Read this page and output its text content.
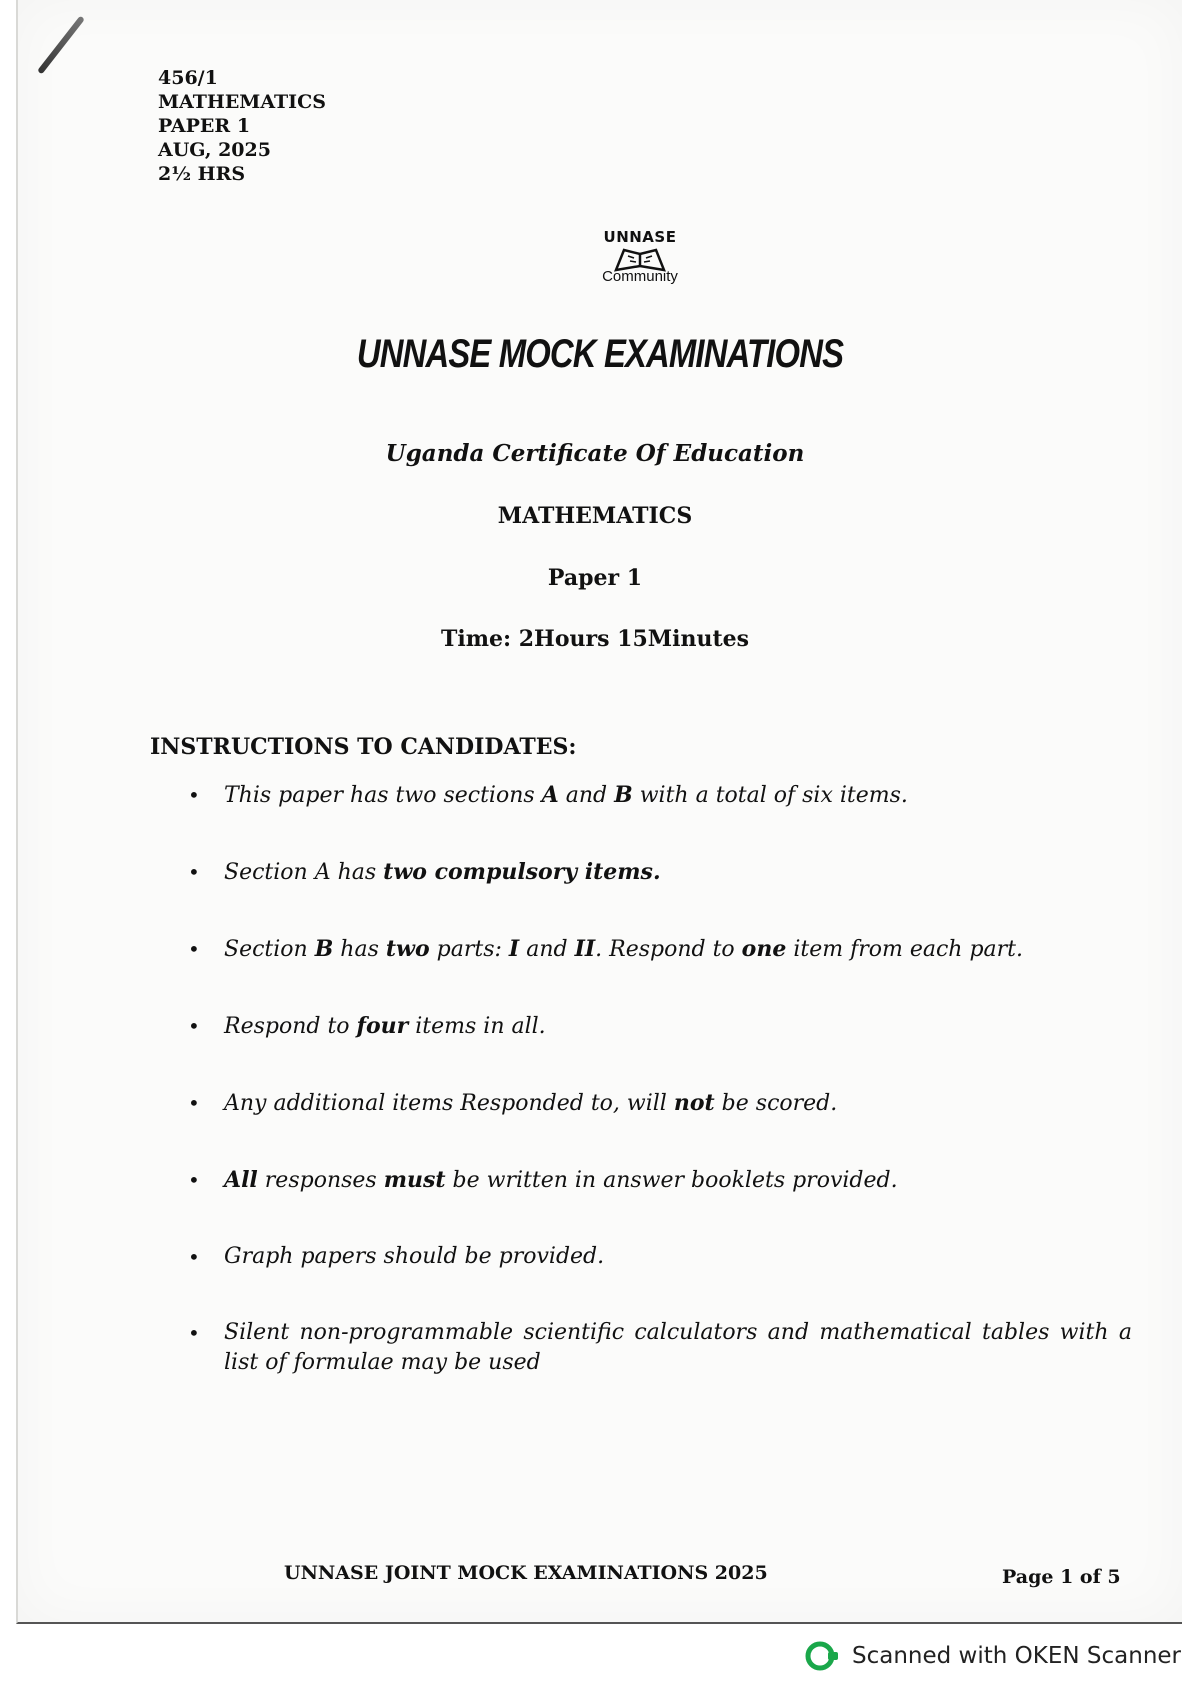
456/1
MATHEMATICS
PAPER 1
AUG, 2025
2½ HRS
UNNASE
Community
UNNASE MOCK EXAMINATIONS
Uganda Certificate Of Education
MATHEMATICS
Paper 1
Time: 2Hours 15Minutes
INSTRUCTIONS TO CANDIDATES:
• This paper has two sections A and B with a total of six items.
• Section A has two compulsory items.
• Section B has two parts: I and II. Respond to one item from each part.
• Respond to four items in all.
• Any additional items Responded to, will not be scored.
• All responses must be written in answer booklets provided.
• Graph papers should be provided.
• Silent non-programmable scientific calculators and mathematical tables with a list of formulae may be used
UNNASE JOINT MOCK EXAMINATIONS 2025	Page 1 of 5
Scanned with OKEN Scanner
